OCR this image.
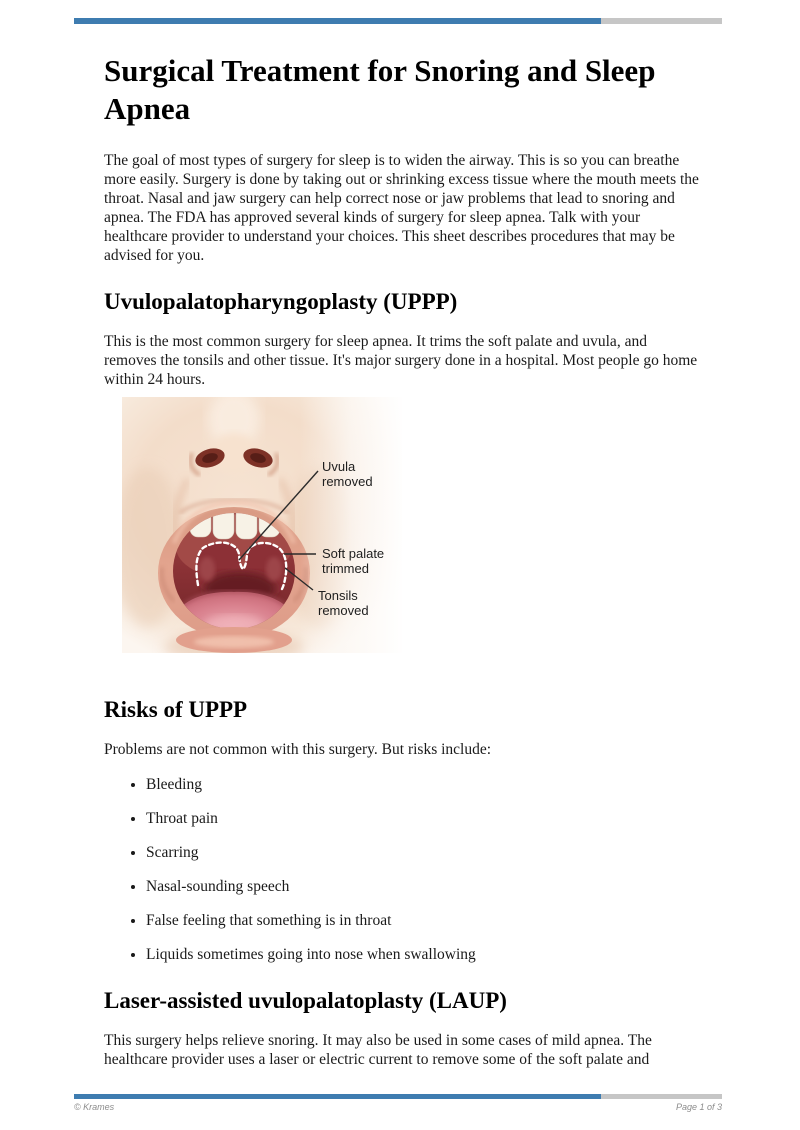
Surgical Treatment for Snoring and Sleep Apnea

The goal of most types of surgery for sleep is to widen the airway. This is so you can breathe more easily. Surgery is done by taking out or shrinking excess tissue where the mouth meets the throat. Nasal and jaw surgery can help correct nose or jaw problems that lead to snoring and apnea. The FDA has approved several kinds of surgery for sleep apnea. Talk with your healthcare provider to understand your choices. This sheet describes procedures that may be advised for you.

Uvulopalatopharyngoplasty (UPPP)

This is the most common surgery for sleep apnea. It trims the soft palate and uvula, and removes the tonsils and other tissue. It's major surgery done in a hospital. Most people go home within 24 hours.

Uvula
removed
Soft palate
trimmed
Tonsils
removed
Risks of UPPP

Problems are not common with this surgery. But risks include:

• Bleeding
• Throat pain
• Scarring
• Nasal-sounding speech
• False feeling that something is in throat
• Liquids sometimes going into nose when swallowing
Laser-assisted uvulopalatoplasty (LAUP)

This surgery helps relieve snoring. It may also be used in some cases of mild apnea. The healthcare provider uses a laser or electric current to remove some of the soft palate and

© Krames	Page 1 of 3
